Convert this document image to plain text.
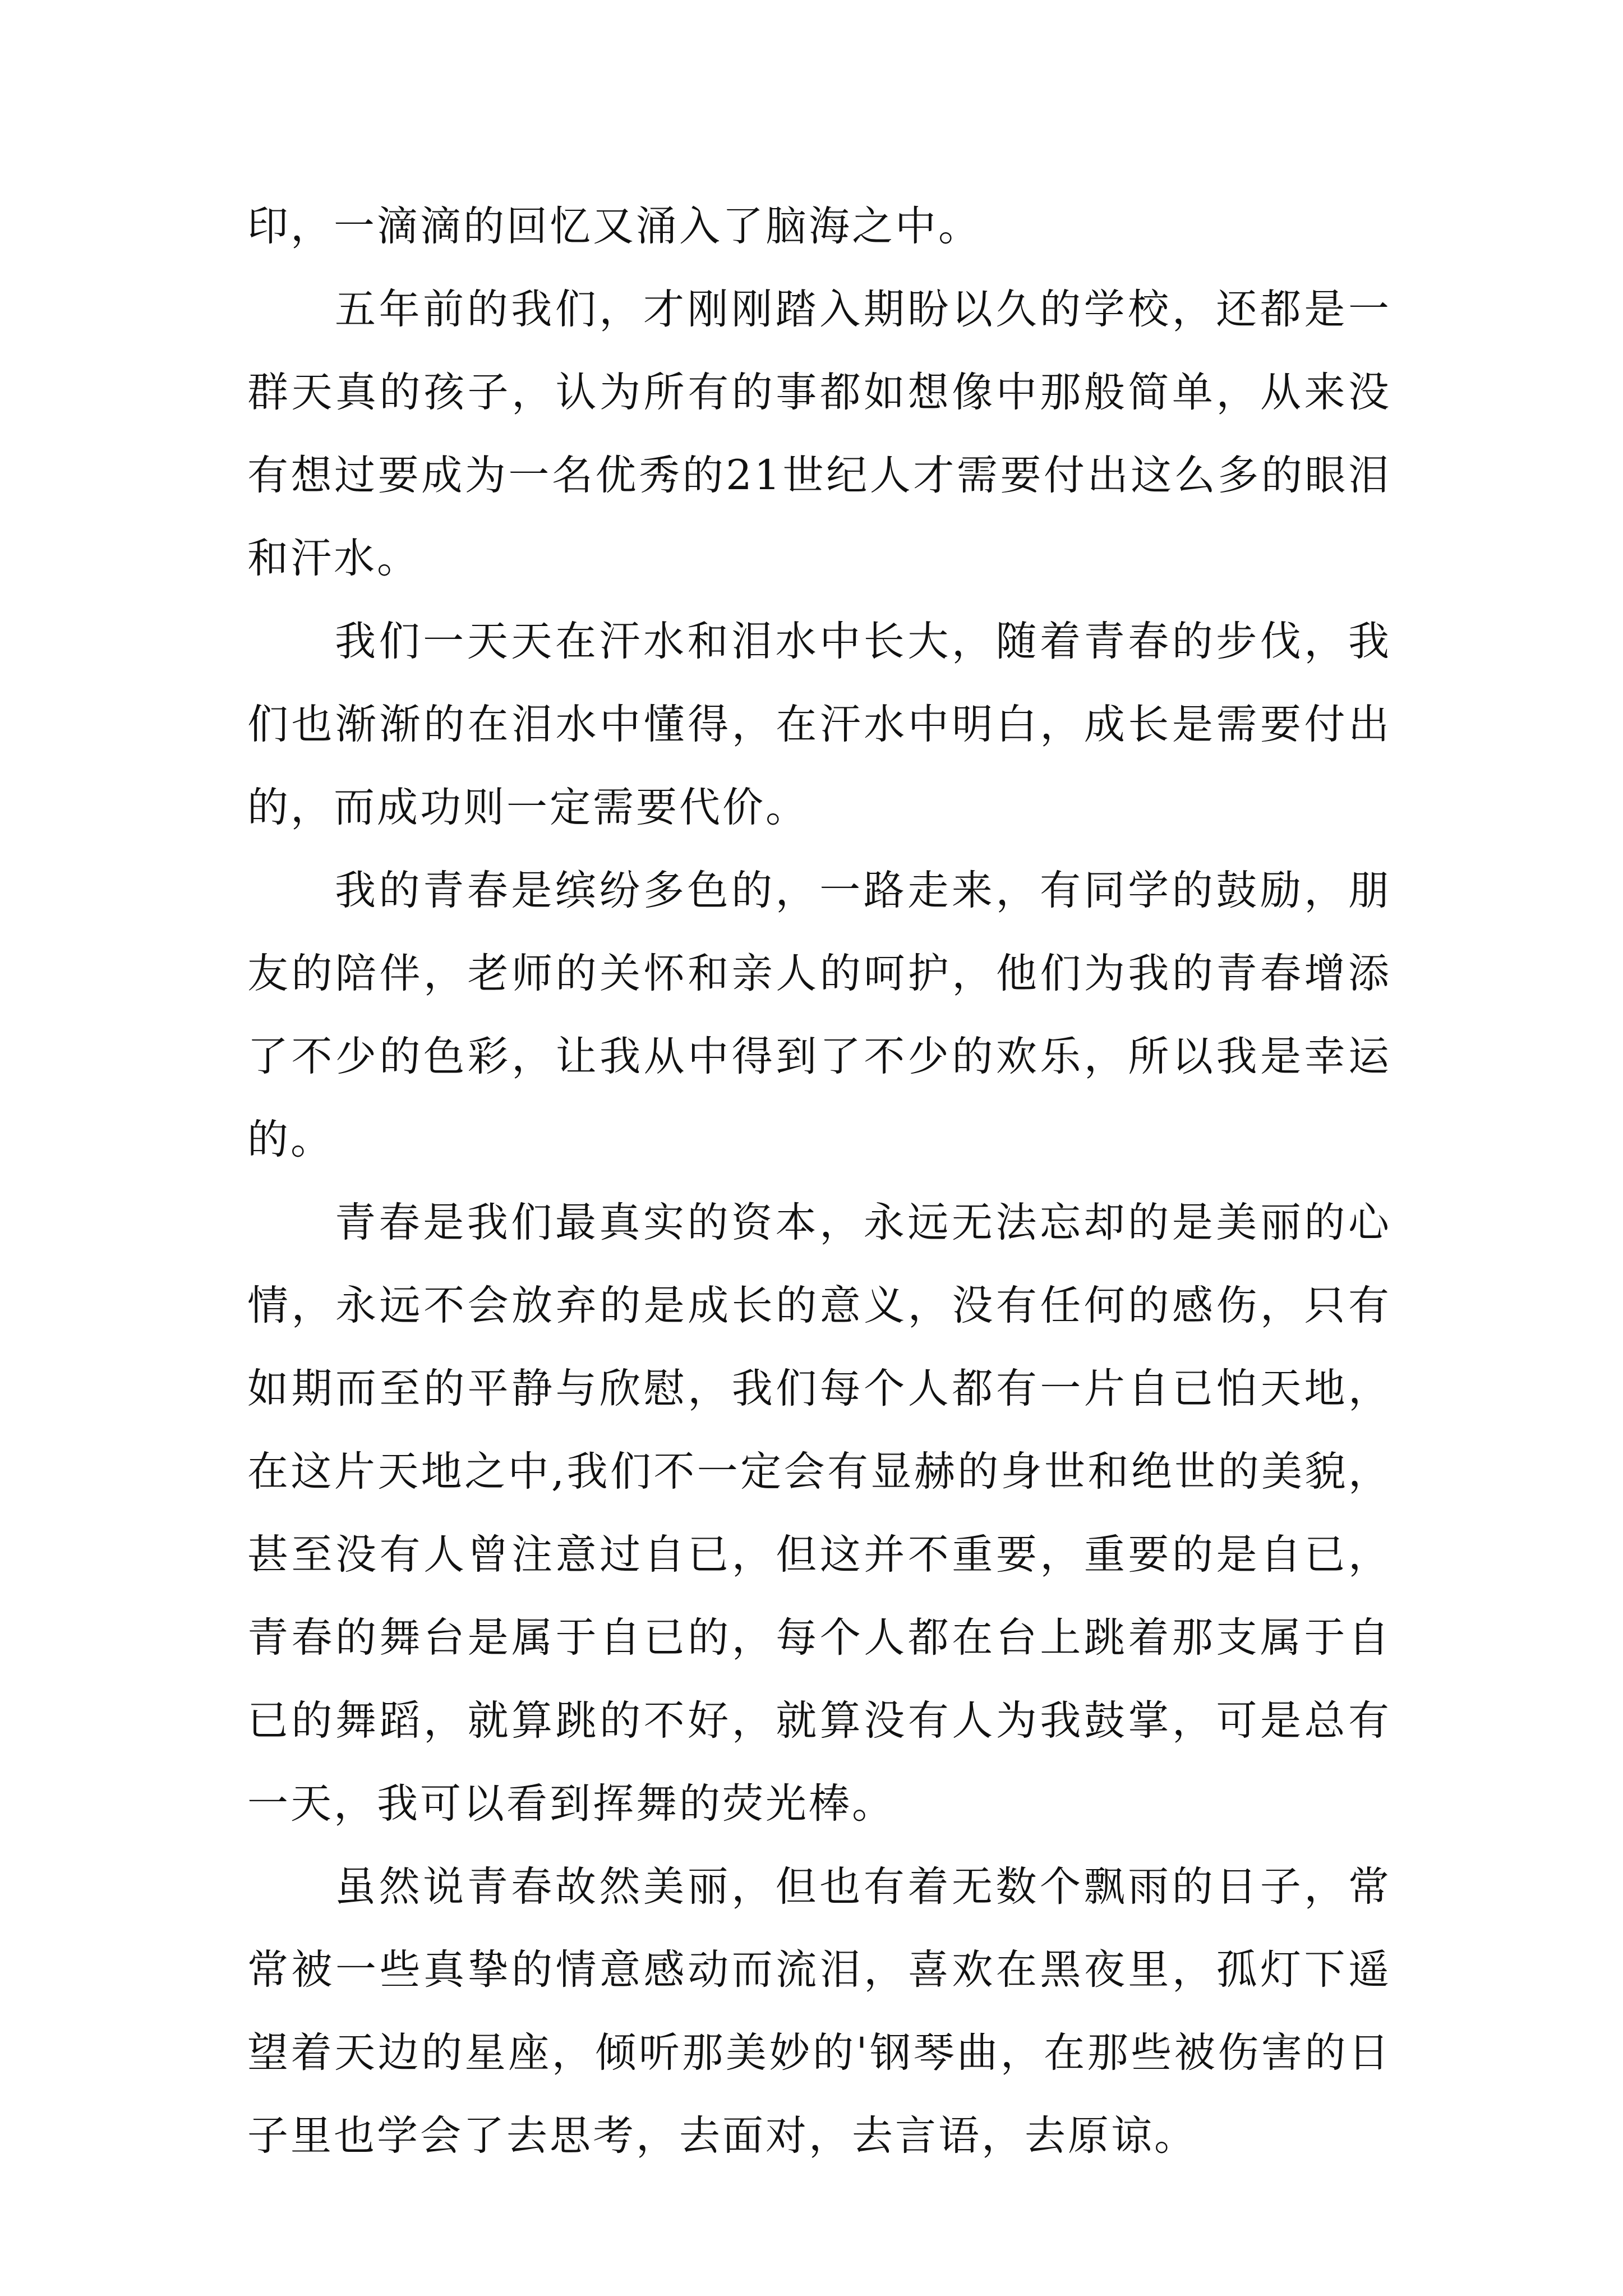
印，一滴滴的回忆又涌入了脑海之中。

五年前的我们，才刚刚踏入期盼以久的学校，还都是一群天真的孩子，认为所有的事都如想像中那般简单，从来没有想过要成为一名优秀的21世纪人才需要付出这么多的眼泪和汗水。

我们一天天在汗水和泪水中长大，随着青春的步伐，我们也渐渐的在泪水中懂得，在汗水中明白，成长是需要付出的，而成功则一定需要代价。

我的青春是缤纷多色的，一路走来，有同学的鼓励，朋友的陪伴，老师的关怀和亲人的呵护，他们为我的青春增添了不少的色彩，让我从中得到了不少的欢乐，所以我是幸运的。

青春是我们最真实的资本，永远无法忘却的是美丽的心情，永远不会放弃的是成长的意义，没有任何的感伤，只有如期而至的平静与欣慰，我们每个人都有一片自已怕天地，在这片天地之中,我们不一定会有显赫的身世和绝世的美貌，甚至没有人曾注意过自已，但这并不重要，重要的是自已，青春的舞台是属于自已的，每个人都在台上跳着那支属于自已的舞蹈，就算跳的不好，就算没有人为我鼓掌，可是总有一天，我可以看到挥舞的荧光棒。

虽然说青春故然美丽，但也有着无数个飘雨的日子，常常被一些真挚的情意感动而流泪，喜欢在黑夜里，孤灯下遥望着天边的星座，倾听那美妙的'钢琴曲，在那些被伤害的日子里也学会了去思考，去面对，去言语，去原谅。
